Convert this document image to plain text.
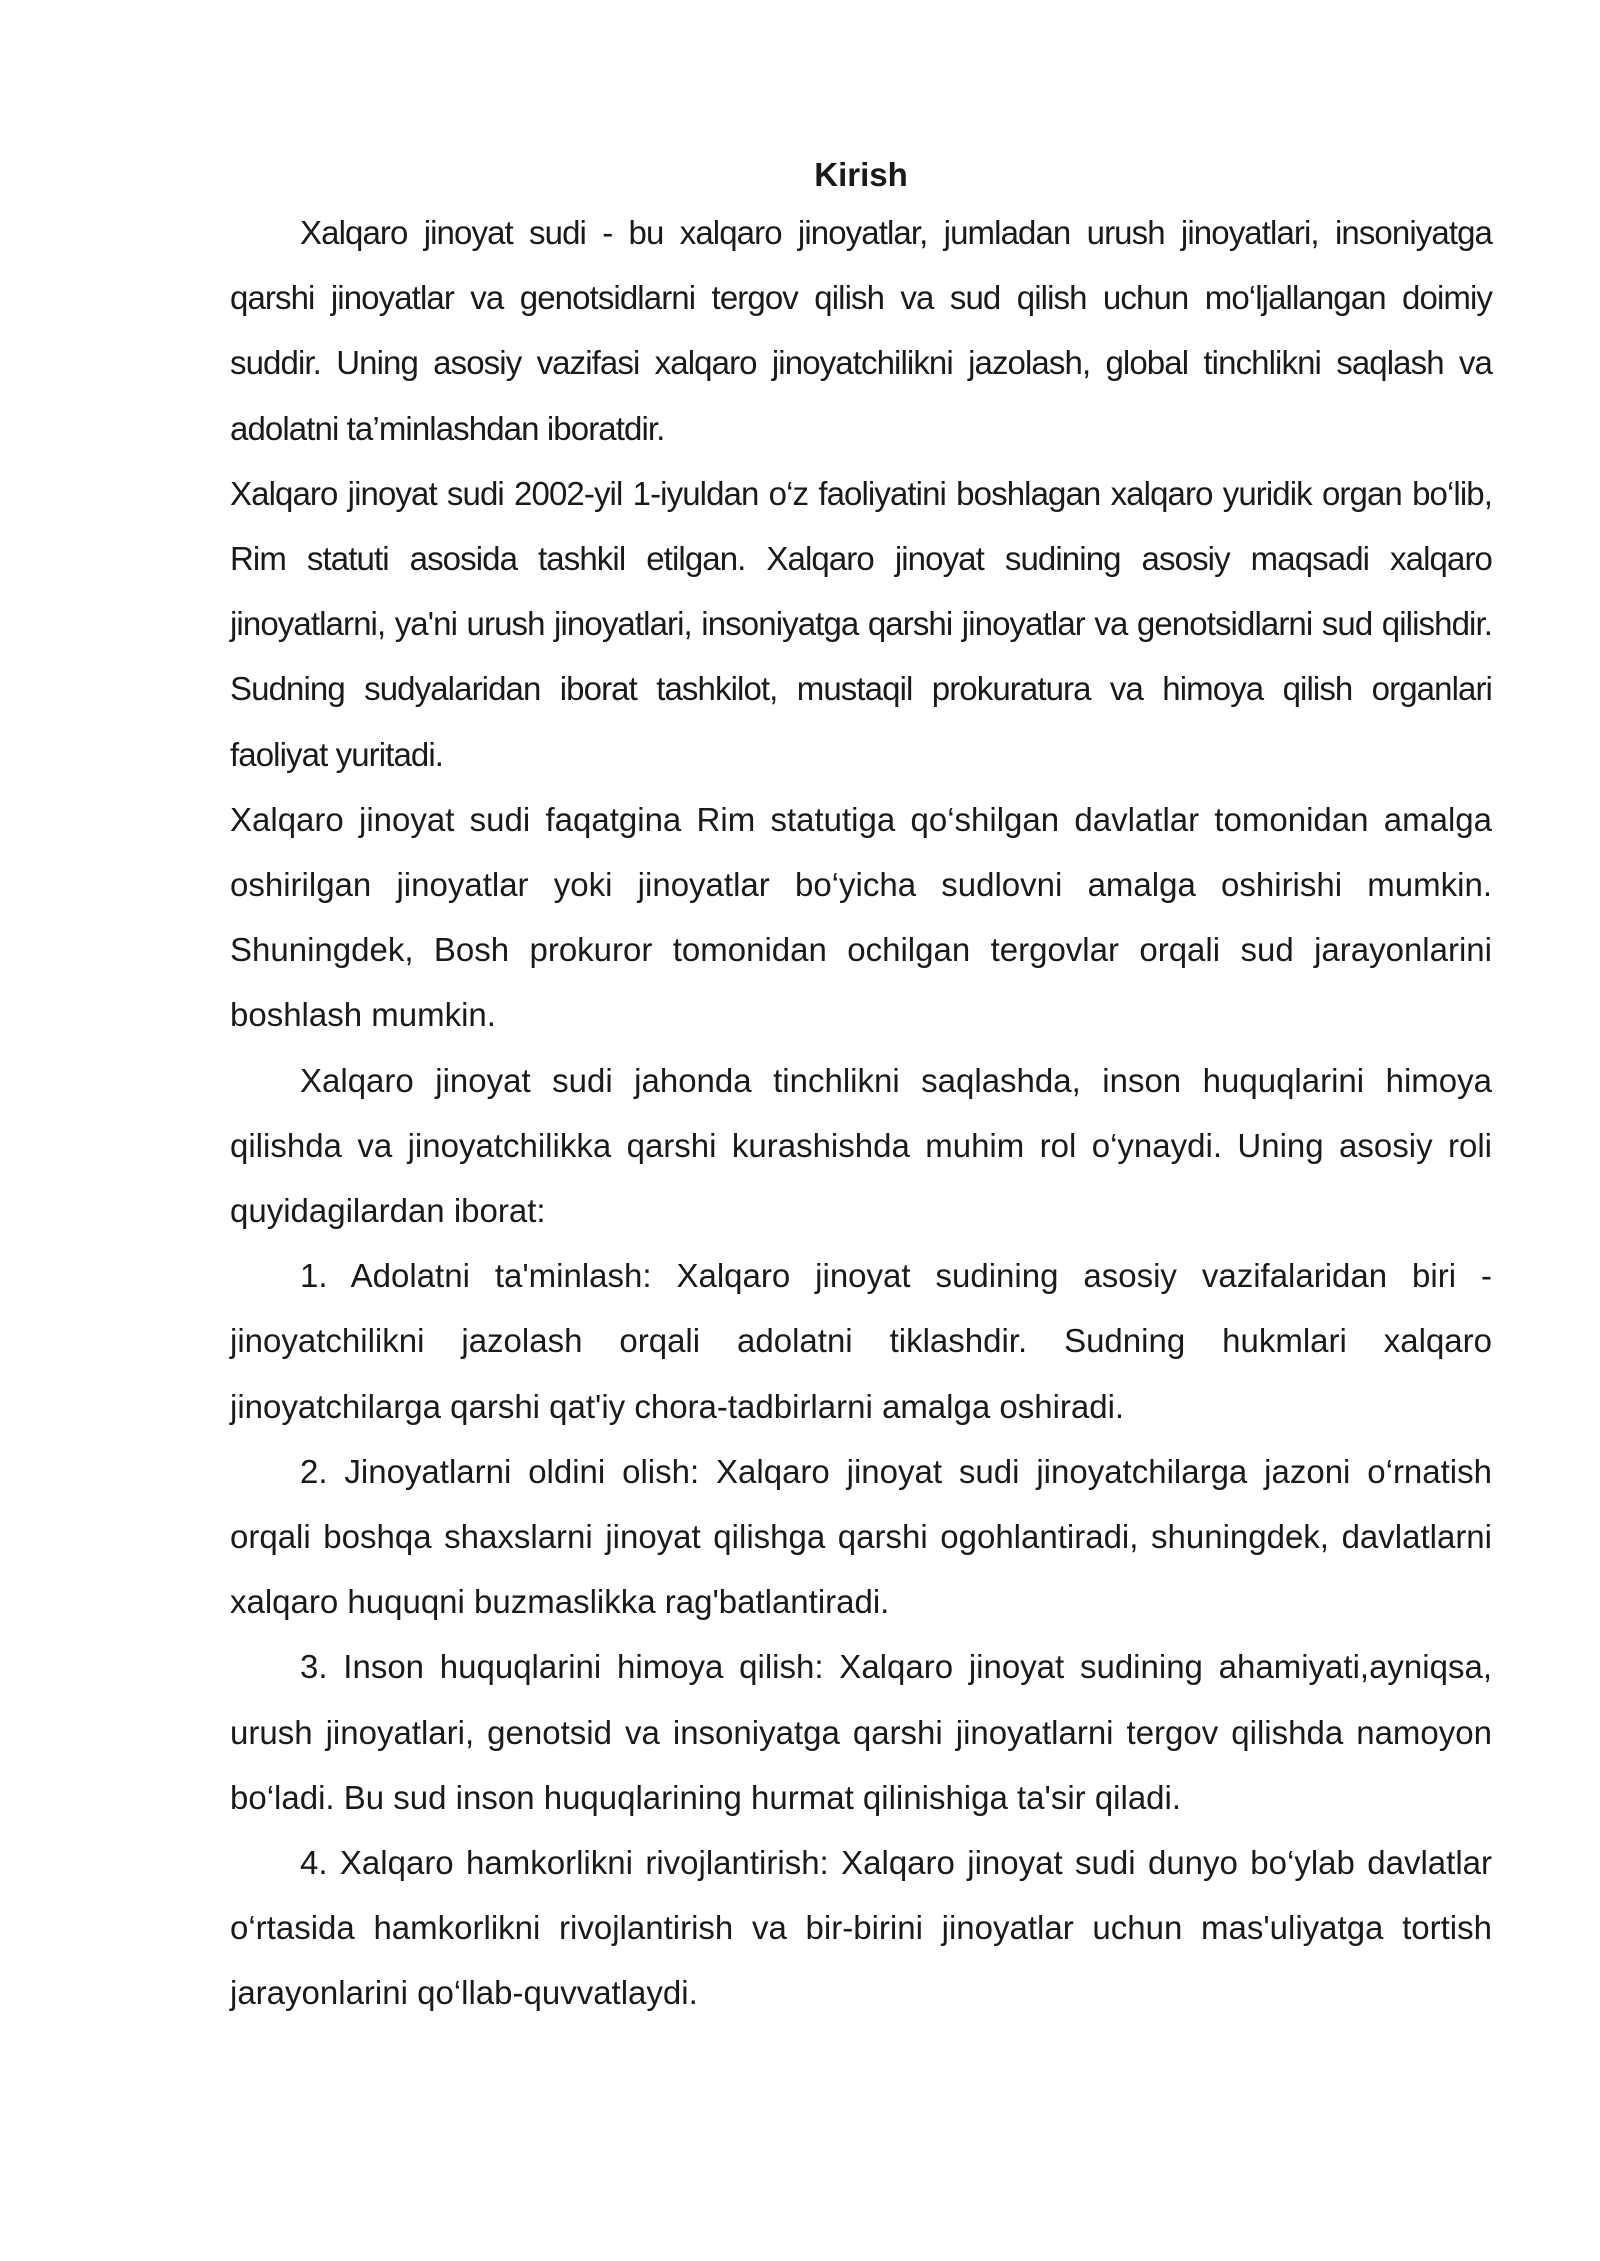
Kirish

Xalqaro jinoyat sudi - bu xalqaro jinoyatlar, jumladan urush jinoyatlari, insoniyatga qarshi jinoyatlar va genotsidlarni tergov qilish va sud qilish uchun mo‘ljallangan doimiy suddir. Uning asosiy vazifasi xalqaro jinoyatchilikni jazolash, global tinchlikni saqlash va adolatni ta’minlashdan iboratdir.

Xalqaro jinoyat sudi 2002-yil 1-iyuldan o‘z faoliyatini boshlagan xalqaro yuridik organ bo‘lib, Rim statuti asosida tashkil etilgan. Xalqaro jinoyat sudining asosiy maqsadi xalqaro jinoyatlarni, ya'ni urush jinoyatlari, insoniyatga qarshi jinoyatlar va genotsidlarni sud qilishdir. Sudning sudyalaridan iborat tashkilot, mustaqil prokuratura va himoya qilish organlari faoliyat yuritadi.

Xalqaro jinoyat sudi faqatgina Rim statutiga qo‘shilgan davlatlar tomonidan amalga oshirilgan jinoyatlar yoki jinoyatlar bo‘yicha sudlovni amalga oshirishi mumkin. Shuningdek, Bosh prokuror tomonidan ochilgan tergovlar orqali sud jarayonlarini boshlash mumkin.

Xalqaro jinoyat sudi jahonda tinchlikni saqlashda, inson huquqlarini himoya qilishda va jinoyatchilikka qarshi kurashishda muhim rol o‘ynaydi. Uning asosiy roli quyidagilardan iborat:

1. Adolatni ta'minlash: Xalqaro jinoyat sudining asosiy vazifalaridan biri - jinoyatchilikni jazolash orqali adolatni tiklashdir. Sudning hukmlari xalqaro jinoyatchilarga qarshi qat'iy chora-tadbirlarni amalga oshiradi.

2. Jinoyatlarni oldini olish: Xalqaro jinoyat sudi jinoyatchilarga jazoni o‘rnatish orqali boshqa shaxslarni jinoyat qilishga qarshi ogohlantiradi, shuningdek, davlatlarni xalqaro huquqni buzmaslikka rag'batlantiradi.

3. Inson huquqlarini himoya qilish: Xalqaro jinoyat sudining ahamiyati,ayniqsa, urush jinoyatlari, genotsid va insoniyatga qarshi jinoyatlarni tergov qilishda namoyon bo‘ladi. Bu sud inson huquqlarining hurmat qilinishiga ta'sir qiladi.

4. Xalqaro hamkorlikni rivojlantirish: Xalqaro jinoyat sudi dunyo bo‘ylab davlatlar o‘rtasida hamkorlikni rivojlantirish va bir-birini jinoyatlar uchun mas'uliyatga tortish jarayonlarini qo‘llab-quvvatlaydi.
